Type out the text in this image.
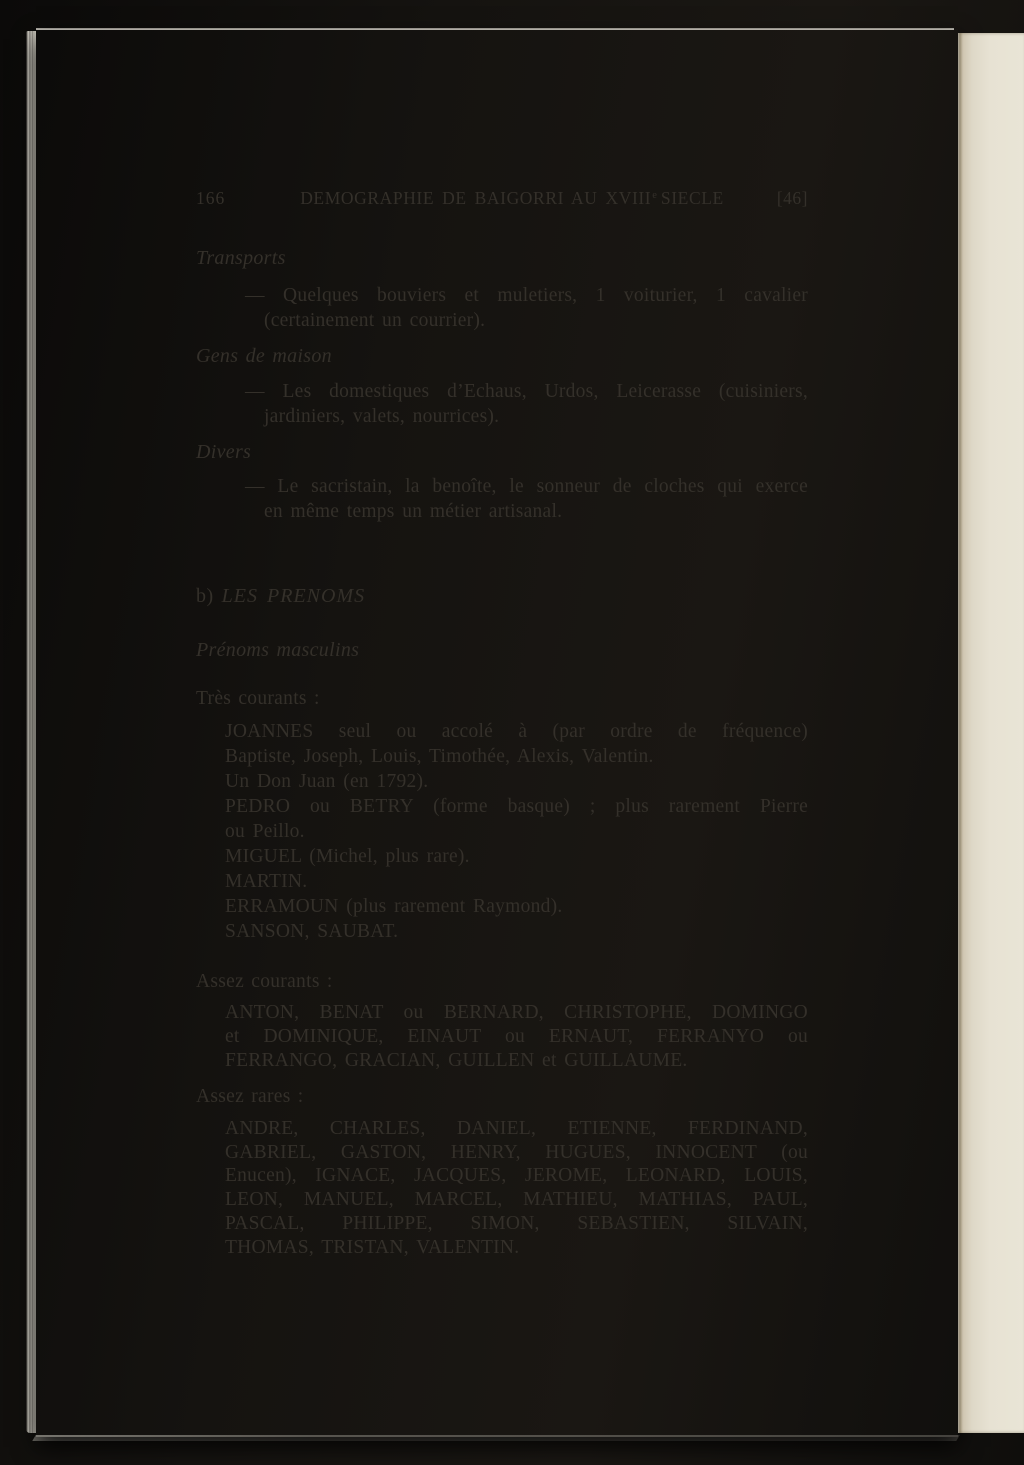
166	DEMOGRAPHIE DE BAIGORRI AU XVIIIe SIECLE	[46]
Transports

— Quelques bouviers et muletiers, 1 voiturier, 1 cavalier
(certainement un courrier).

Gens de maison

— Les domestiques d’Echaus, Urdos, Leicerasse (cuisiniers,
jardiniers, valets, nourrices).

Divers

— Le sacristain, la benoîte, le sonneur de cloches qui exerce
en même temps un métier artisanal.

b) LES PRENOMS
Prénoms masculins
Très courants :

JOANNES seul ou accolé à (par ordre de fréquence)
Baptiste, Joseph, Louis, Timothée, Alexis, Valentin.
Un Don Juan (en 1792).
PEDRO ou BETRY (forme basque) ; plus rarement Pierre
ou Peillo.
MIGUEL (Michel, plus rare).
MARTIN.
ERRAMOUN (plus rarement Raymond).
SANSON, SAUBAT.

Assez courants :

ANTON, BENAT ou BERNARD, CHRISTOPHE, DOMINGO
et DOMINIQUE, EINAUT ou ERNAUT, FERRANYO ou
FERRANGO, GRACIAN, GUILLEN et GUILLAUME.

Assez rares :

ANDRE, CHARLES, DANIEL, ETIENNE, FERDINAND,
GABRIEL, GASTON, HENRY, HUGUES, INNOCENT (ou
Enucen), IGNACE, JACQUES, JEROME, LEONARD, LOUIS,
LEON, MANUEL, MARCEL, MATHIEU, MATHIAS, PAUL,
PASCAL, PHILIPPE, SIMON, SEBASTIEN, SILVAIN,
THOMAS, TRISTAN, VALENTIN.
